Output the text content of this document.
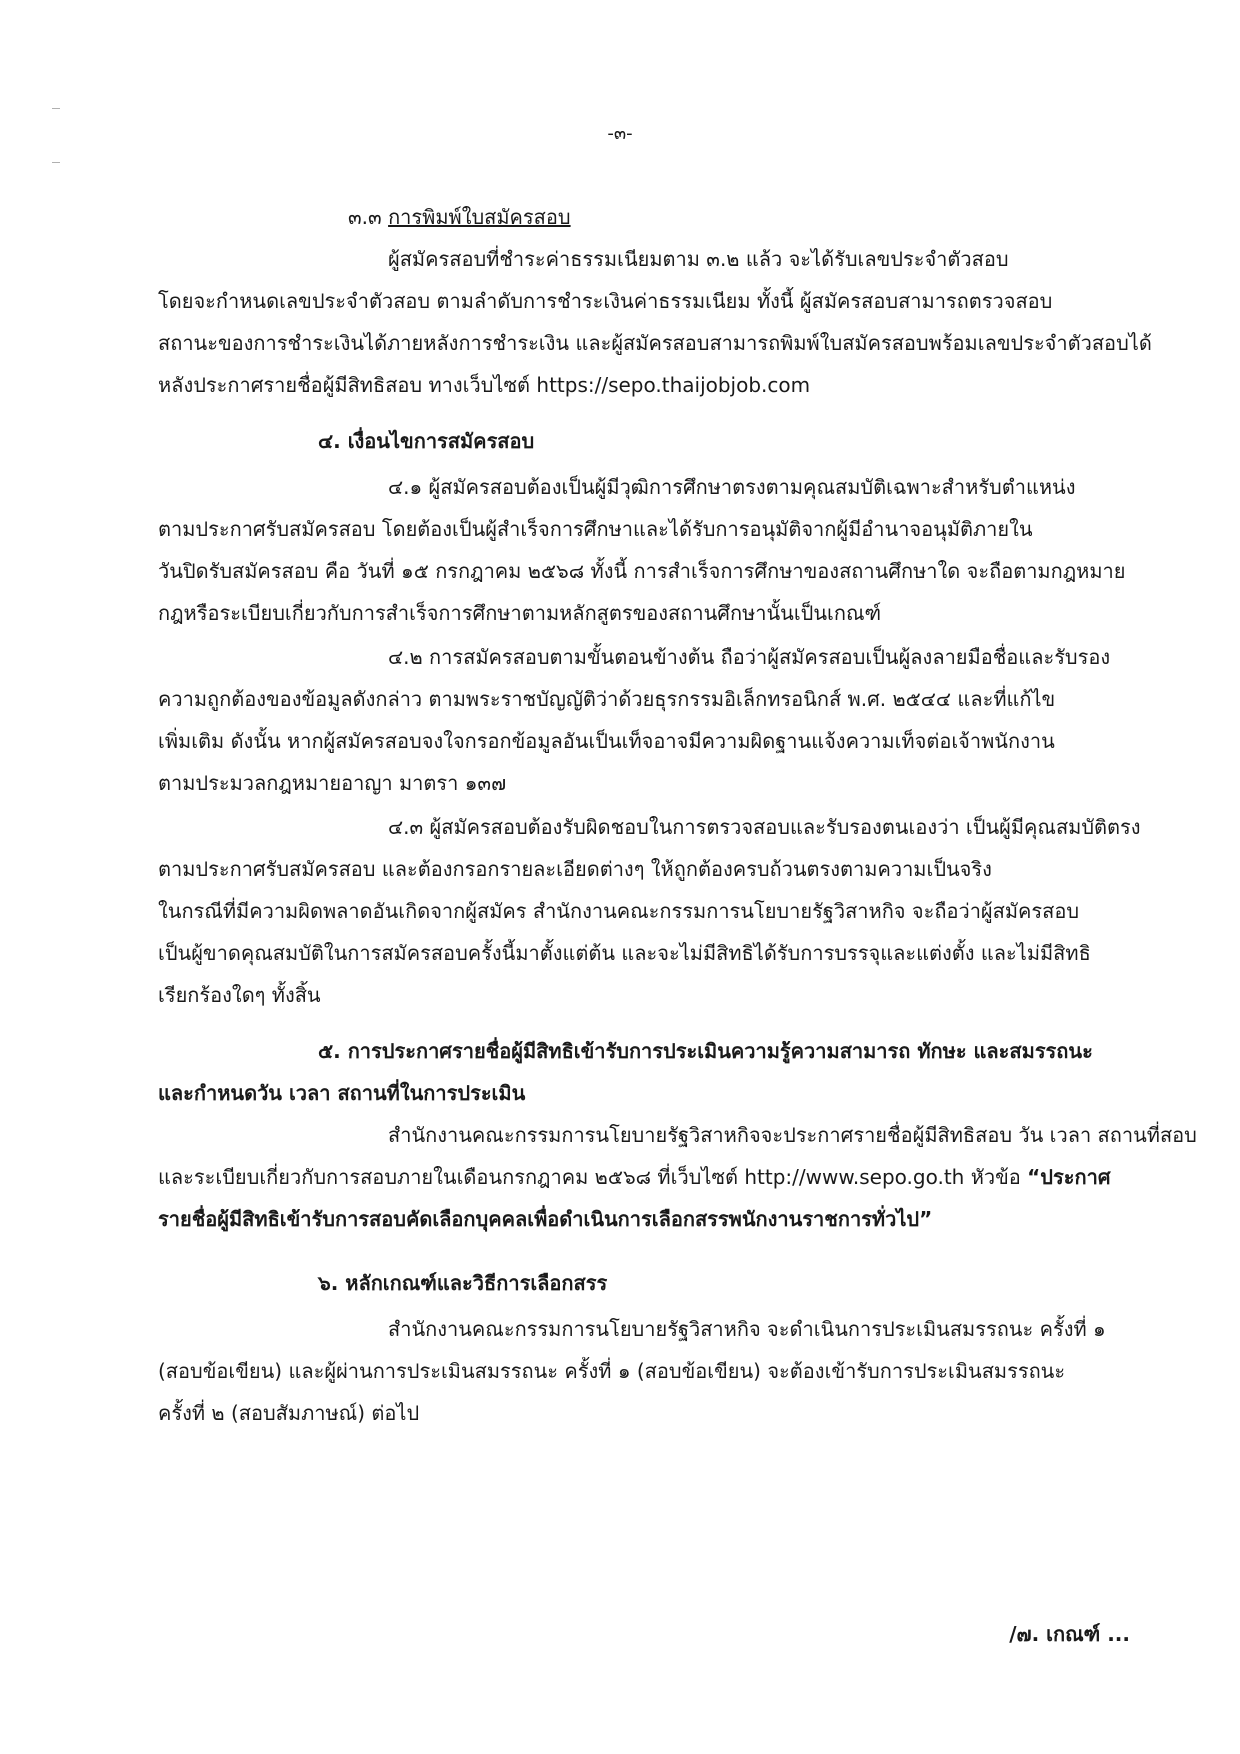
-๓-
๓.๓ การพิมพ์ใบสมัครสอบ
ผู้สมัครสอบที่ชำระค่าธรรมเนียมตาม ๓.๒ แล้ว จะได้รับเลขประจำตัวสอบ
โดยจะกำหนดเลขประจำตัวสอบ ตามลำดับการชำระเงินค่าธรรมเนียม ทั้งนี้ ผู้สมัครสอบสามารถตรวจสอบ
สถานะของการชำระเงินได้ภายหลังการชำระเงิน และผู้สมัครสอบสามารถพิมพ์ใบสมัครสอบพร้อมเลขประจำตัวสอบได้
หลังประกาศรายชื่อผู้มีสิทธิสอบ ทางเว็บไซต์ https://sepo.thaijobjob.com
๔. เงื่อนไขการสมัครสอบ
๔.๑ ผู้สมัครสอบต้องเป็นผู้มีวุฒิการศึกษาตรงตามคุณสมบัติเฉพาะสำหรับตำแหน่ง
ตามประกาศรับสมัครสอบ โดยต้องเป็นผู้สำเร็จการศึกษาและได้รับการอนุมัติจากผู้มีอำนาจอนุมัติภายใน
วันปิดรับสมัครสอบ คือ วันที่ ๑๕ กรกฎาคม ๒๕๖๘ ทั้งนี้ การสำเร็จการศึกษาของสถานศึกษาใด จะถือตามกฎหมาย
กฎหรือระเบียบเกี่ยวกับการสำเร็จการศึกษาตามหลักสูตรของสถานศึกษานั้นเป็นเกณฑ์
๔.๒ การสมัครสอบตามขั้นตอนข้างต้น ถือว่าผู้สมัครสอบเป็นผู้ลงลายมือชื่อและรับรอง
ความถูกต้องของข้อมูลดังกล่าว ตามพระราชบัญญัติว่าด้วยธุรกรรมอิเล็กทรอนิกส์ พ.ศ. ๒๕๔๔ และที่แก้ไข
เพิ่มเติม ดังนั้น หากผู้สมัครสอบจงใจกรอกข้อมูลอันเป็นเท็จอาจมีความผิดฐานแจ้งความเท็จต่อเจ้าพนักงาน
ตามประมวลกฎหมายอาญา มาตรา ๑๓๗
๔.๓ ผู้สมัครสอบต้องรับผิดชอบในการตรวจสอบและรับรองตนเองว่า เป็นผู้มีคุณสมบัติตรง
ตามประกาศรับสมัครสอบ และต้องกรอกรายละเอียดต่างๆ ให้ถูกต้องครบถ้วนตรงตามความเป็นจริง
ในกรณีที่มีความผิดพลาดอันเกิดจากผู้สมัคร สำนักงานคณะกรรมการนโยบายรัฐวิสาหกิจ จะถือว่าผู้สมัครสอบ
เป็นผู้ขาดคุณสมบัติในการสมัครสอบครั้งนี้มาตั้งแต่ต้น และจะไม่มีสิทธิได้รับการบรรจุและแต่งตั้ง และไม่มีสิทธิ
เรียกร้องใดๆ ทั้งสิ้น
๕. การประกาศรายชื่อผู้มีสิทธิเข้ารับการประเมินความรู้ความสามารถ ทักษะ และสมรรถนะ
และกำหนดวัน เวลา สถานที่ในการประเมิน
สำนักงานคณะกรรมการนโยบายรัฐวิสาหกิจจะประกาศรายชื่อผู้มีสิทธิสอบ วัน เวลา สถานที่สอบ
และระเบียบเกี่ยวกับการสอบภายในเดือนกรกฎาคม ๒๕๖๘ ที่เว็บไซต์ http://www.sepo.go.th หัวข้อ “ประกาศ
รายชื่อผู้มีสิทธิเข้ารับการสอบคัดเลือกบุคคลเพื่อดำเนินการเลือกสรรพนักงานราชการทั่วไป”
๖. หลักเกณฑ์และวิธีการเลือกสรร
สำนักงานคณะกรรมการนโยบายรัฐวิสาหกิจ จะดำเนินการประเมินสมรรถนะ ครั้งที่ ๑
(สอบข้อเขียน) และผู้ผ่านการประเมินสมรรถนะ ครั้งที่ ๑ (สอบข้อเขียน) จะต้องเข้ารับการประเมินสมรรถนะ
ครั้งที่ ๒ (สอบสัมภาษณ์) ต่อไป
/๗. เกณฑ์ ...
